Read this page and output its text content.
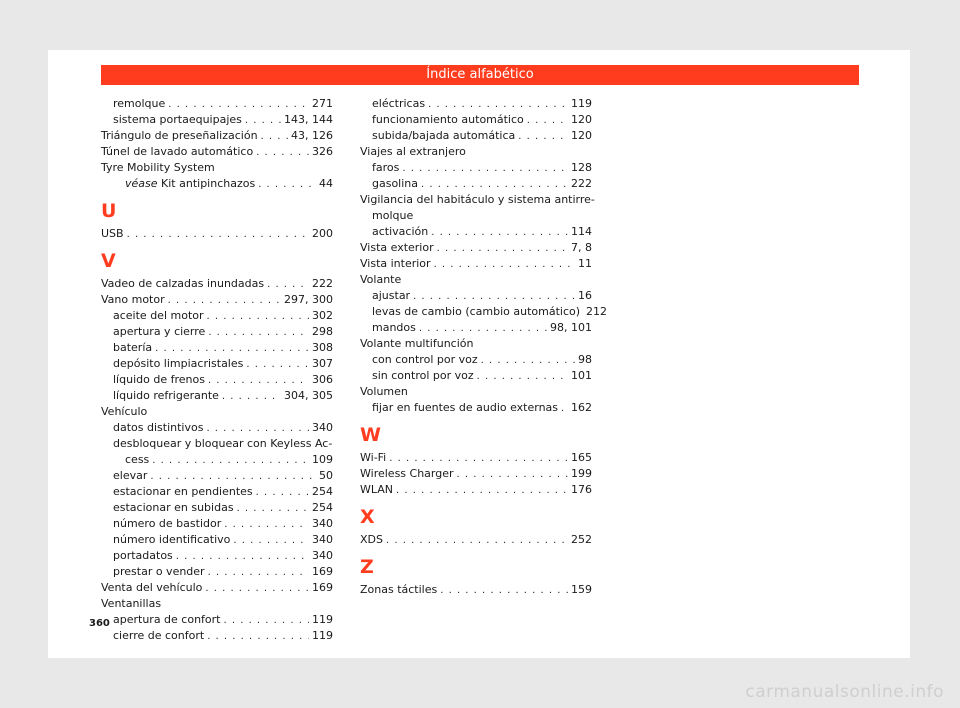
Índice alfabético
remolque . . .	271
sistema portaequipajes . . .	143, 144
Triángulo de preseñalización . . .	43, 126
Túnel de lavado automático . . .	326
Tyre Mobility System
véase Kit antipinchazos . . .	44
U
USB . . .	200
V
Vadeo de calzadas inundadas . . .	222
Vano motor . . .	297, 300
aceite del motor . . .	302
apertura y cierre . . .	298
batería . . .	308
depósito limpiacristales . . .	307
líquido de frenos . . .	306
líquido refrigerante . . .	304, 305
Vehículo
datos distintivos . . .	340
desbloquear y bloquear con Keyless Ac-
cess . . .	109
elevar . . .	50
estacionar en pendientes . . .	254
estacionar en subidas . . .	254
número de bastidor . . .	340
número identificativo . . .	340
portadatos . . .	340
prestar o vender . . .	169
Venta del vehículo . . .	169
Ventanillas
apertura de confort . . .	119
cierre de confort . . .	119
eléctricas . . .	119
funcionamiento automático . . .	120
subida/bajada automática . . .	120
Viajes al extranjero
faros . . .	128
gasolina . . .	222
Vigilancia del habitáculo y sistema antirre-
molque
activación . . .	114
Vista exterior . . .	7, 8
Vista interior . . .	11
Volante
ajustar . . .	16
levas de cambio (cambio automático) 212
mandos . . .	98, 101
Volante multifunción
con control por voz . . .	98
sin control por voz . . .	101
Volumen
fijar en fuentes de audio externas . . . 162
W
Wi-Fi . . .	165
Wireless Charger . . .	199
WLAN . . .	176
X
XDS . . .	252
Z
Zonas táctiles . . .	159
360
carmanualsonline.info
